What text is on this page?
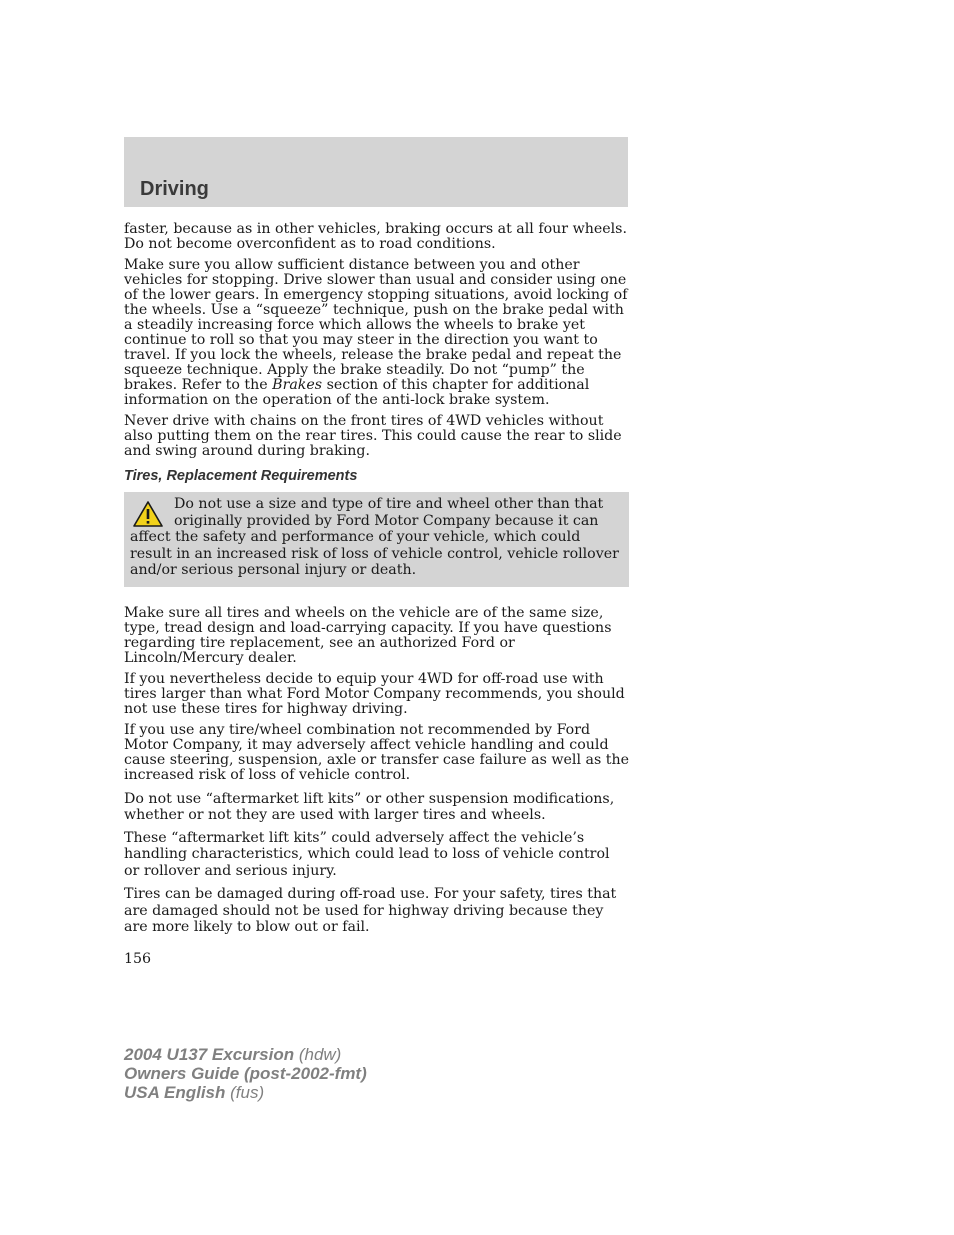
Driving

faster, because as in other vehicles, braking occurs at all four wheels. Do not become overconfident as to road conditions.

Make sure you allow sufficient distance between you and other vehicles for stopping. Drive slower than usual and consider using one of the lower gears. In emergency stopping situations, avoid locking of the wheels. Use a “squeeze” technique, push on the brake pedal with a steadily increasing force which allows the wheels to brake yet continue to roll so that you may steer in the direction you want to travel. If you lock the wheels, release the brake pedal and repeat the squeeze technique. Apply the brake steadily. Do not “pump” the brakes. Refer to the Brakes section of this chapter for additional information on the operation of the anti-lock brake system.

Never drive with chains on the front tires of 4WD vehicles without also putting them on the rear tires. This could cause the rear to slide and swing around during braking.

Tires, Replacement Requirements
Do not use a size and type of tire and wheel other than that originally provided by Ford Motor Company because it can affect the safety and performance of your vehicle, which could result in an increased risk of loss of vehicle control, vehicle rollover and/or serious personal injury or death.

Make sure all tires and wheels on the vehicle are of the same size, type, tread design and load-carrying capacity. If you have questions regarding tire replacement, see an authorized Ford or Lincoln/Mercury dealer.

If you nevertheless decide to equip your 4WD for off-road use with tires larger than what Ford Motor Company recommends, you should not use these tires for highway driving.

If you use any tire/wheel combination not recommended by Ford Motor Company, it may adversely affect vehicle handling and could cause steering, suspension, axle or transfer case failure as well as the increased risk of loss of vehicle control.

Do not use “aftermarket lift kits” or other suspension modifications, whether or not they are used with larger tires and wheels.

These “aftermarket lift kits” could adversely affect the vehicle’s handling characteristics, which could lead to loss of vehicle control or rollover and serious injury.

Tires can be damaged during off-road use. For your safety, tires that are damaged should not be used for highway driving because they are more likely to blow out or fail.

156
2004 U137 Excursion (hdw)
Owners Guide (post-2002-fmt)
USA English (fus)
